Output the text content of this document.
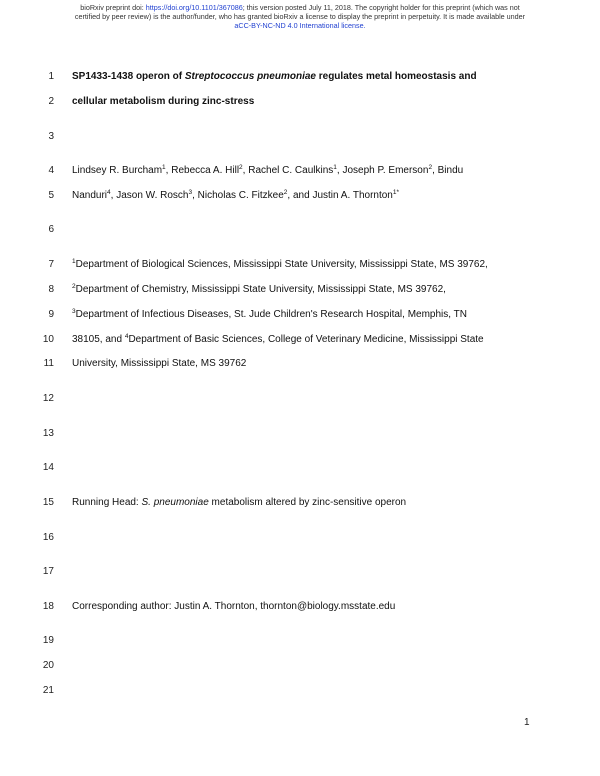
bioRxiv preprint doi: https://doi.org/10.1101/367086; this version posted July 11, 2018. The copyright holder for this preprint (which was not
certified by peer review) is the author/funder, who has granted bioRxiv a license to display the preprint in perpetuity. It is made available under
aCC-BY-NC-ND 4.0 International license.
1 SP1433-1438 operon of Streptococcus pneumoniae regulates metal homeostasis and
2 cellular metabolism during zinc-stress
3
4 Lindsey R. Burcham$^1$, Rebecca A. Hill$^2$, Rachel C. Caulkins$^1$, Joseph P. Emerson$^2$, Bindu
5 Nanduri$^4$, Jason W. Rosch$^3$, Nicholas C. Fitzkee$^2$, and Justin A. Thornton$^{1*}$
6
7	$^1$Department of Biological Sciences, Mississippi State University, Mississippi State, MS 39762,
8	$^2$Department of Chemistry, Mississippi State University, Mississippi State, MS 39762,
9	$^3$Department of Infectious Diseases, St. Jude Children's Research Hospital, Memphis, TN
10 38105, and $^4$Department of Basic Sciences, College of Veterinary Medicine, Mississippi State
11 University, Mississippi State, MS 39762
12
13
14
15 Running Head: S. pneumoniae metabolism altered by zinc-sensitive operon
16
17
18 Corresponding author: Justin A. Thornton, thornton@biology.msstate.edu
19
20
21
1
